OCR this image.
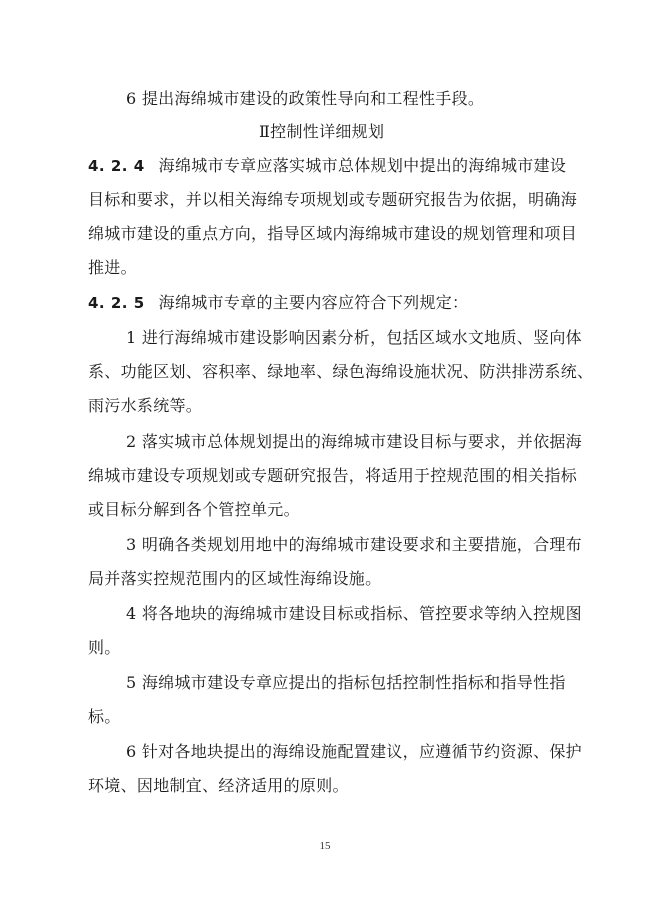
6 提出海绵城市建设的政策性导向和工程性手段。
Ⅱ控制性详细规划
4. 2. 4 海绵城市专章应落实城市总体规划中提出的海绵城市建设
目标和要求，并以相关海绵专项规划或专题研究报告为依据，明确海
绵城市建设的重点方向，指导区域内海绵城市建设的规划管理和项目
推进。
4. 2. 5 海绵城市专章的主要内容应符合下列规定：
1 进行海绵城市建设影响因素分析，包括区域水文地质、竖向体
系、功能区划、容积率、绿地率、绿色海绵设施状况、防洪排涝系统、
雨污水系统等。
2 落实城市总体规划提出的海绵城市建设目标与要求，并依据海
绵城市建设专项规划或专题研究报告，将适用于控规范围的相关指标
或目标分解到各个管控单元。
3 明确各类规划用地中的海绵城市建设要求和主要措施，合理布
局并落实控规范围内的区域性海绵设施。
4 将各地块的海绵城市建设目标或指标、管控要求等纳入控规图
则。
5 海绵城市建设专章应提出的指标包括控制性指标和指导性指
标。
6 针对各地块提出的海绵设施配置建议，应遵循节约资源、保护
环境、因地制宜、经济适用的原则。
15
